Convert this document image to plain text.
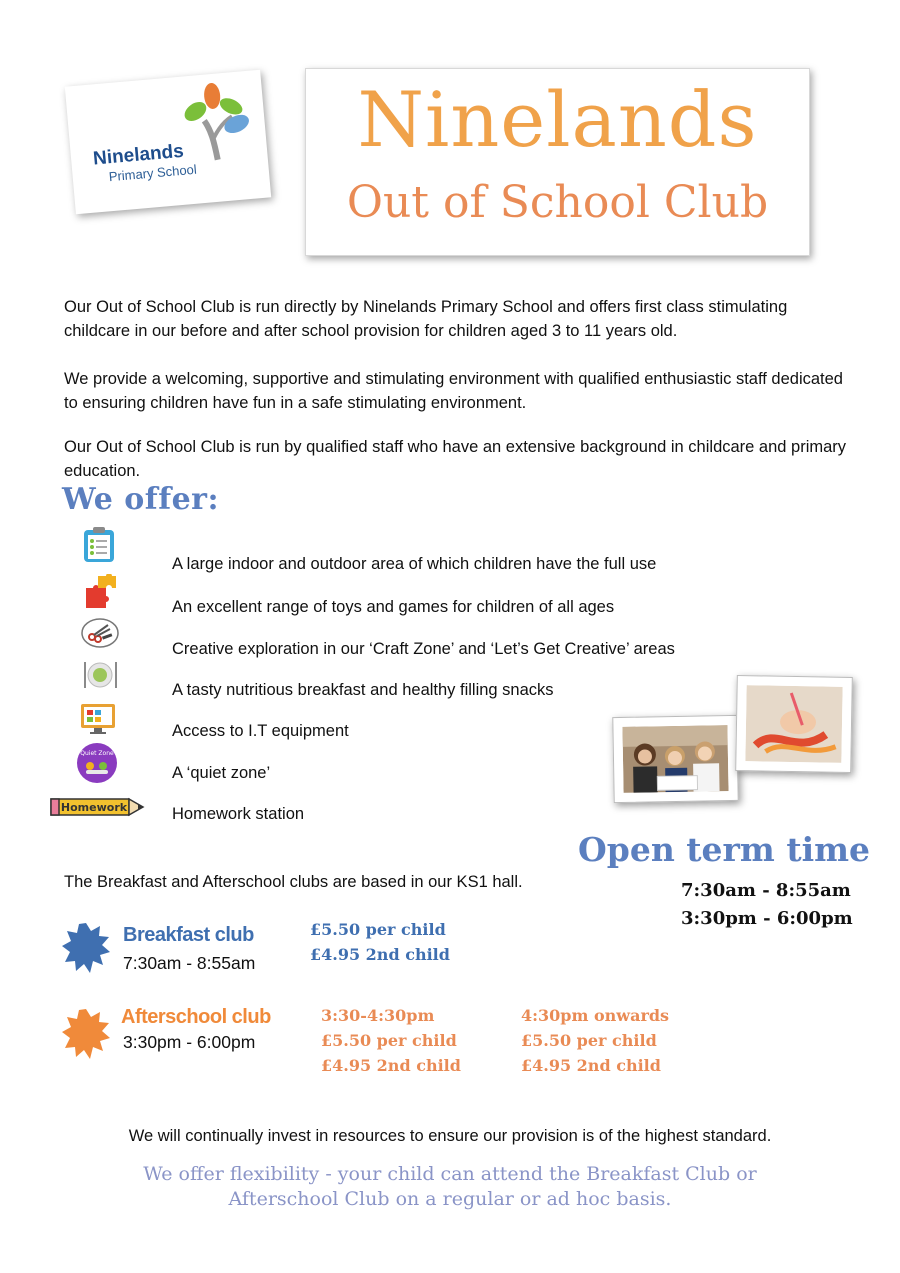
Ninelands
Primary School
Ninelands
Out of School Club

Our Out of School Club is run directly by Ninelands Primary School and offers first class stimulating childcare in our before and after school provision for children aged 3 to 11 years old.

We provide a welcoming, supportive and stimulating environment with qualified enthusiastic staff dedicated to ensuring children have fun in a safe stimulating environment.

Our Out of School Club is run by qualified staff who have an extensive background in childcare and primary education.

We offer:
A large indoor and outdoor area of which children have the full use
An excellent range of toys and games for children of all ages
Creative exploration in our ‘Craft Zone’ and ‘Let’s Get Creative’ areas
A tasty nutritious breakfast and healthy filling snacks
Access to I.T equipment
Quiet Zone
A ‘quiet zone’
Homework	Homework station
Open term time
7:30am - 8:55am
3:30pm - 6:00pm
The Breakfast and Afterschool clubs are based in our KS1 hall.
Breakfast club
7:30am - 8:55am
£5.50 per child
£4.95 2nd child
Afterschool club
3:30pm - 6:00pm
3:30-4:30pm
£5.50 per child
£4.95 2nd child
4:30pm onwards
£5.50 per child
£4.95 2nd child
We will continually invest in resources to ensure our provision is of the highest standard.
We offer flexibility - your child can attend the Breakfast Club or
Afterschool Club on a regular or ad hoc basis.
